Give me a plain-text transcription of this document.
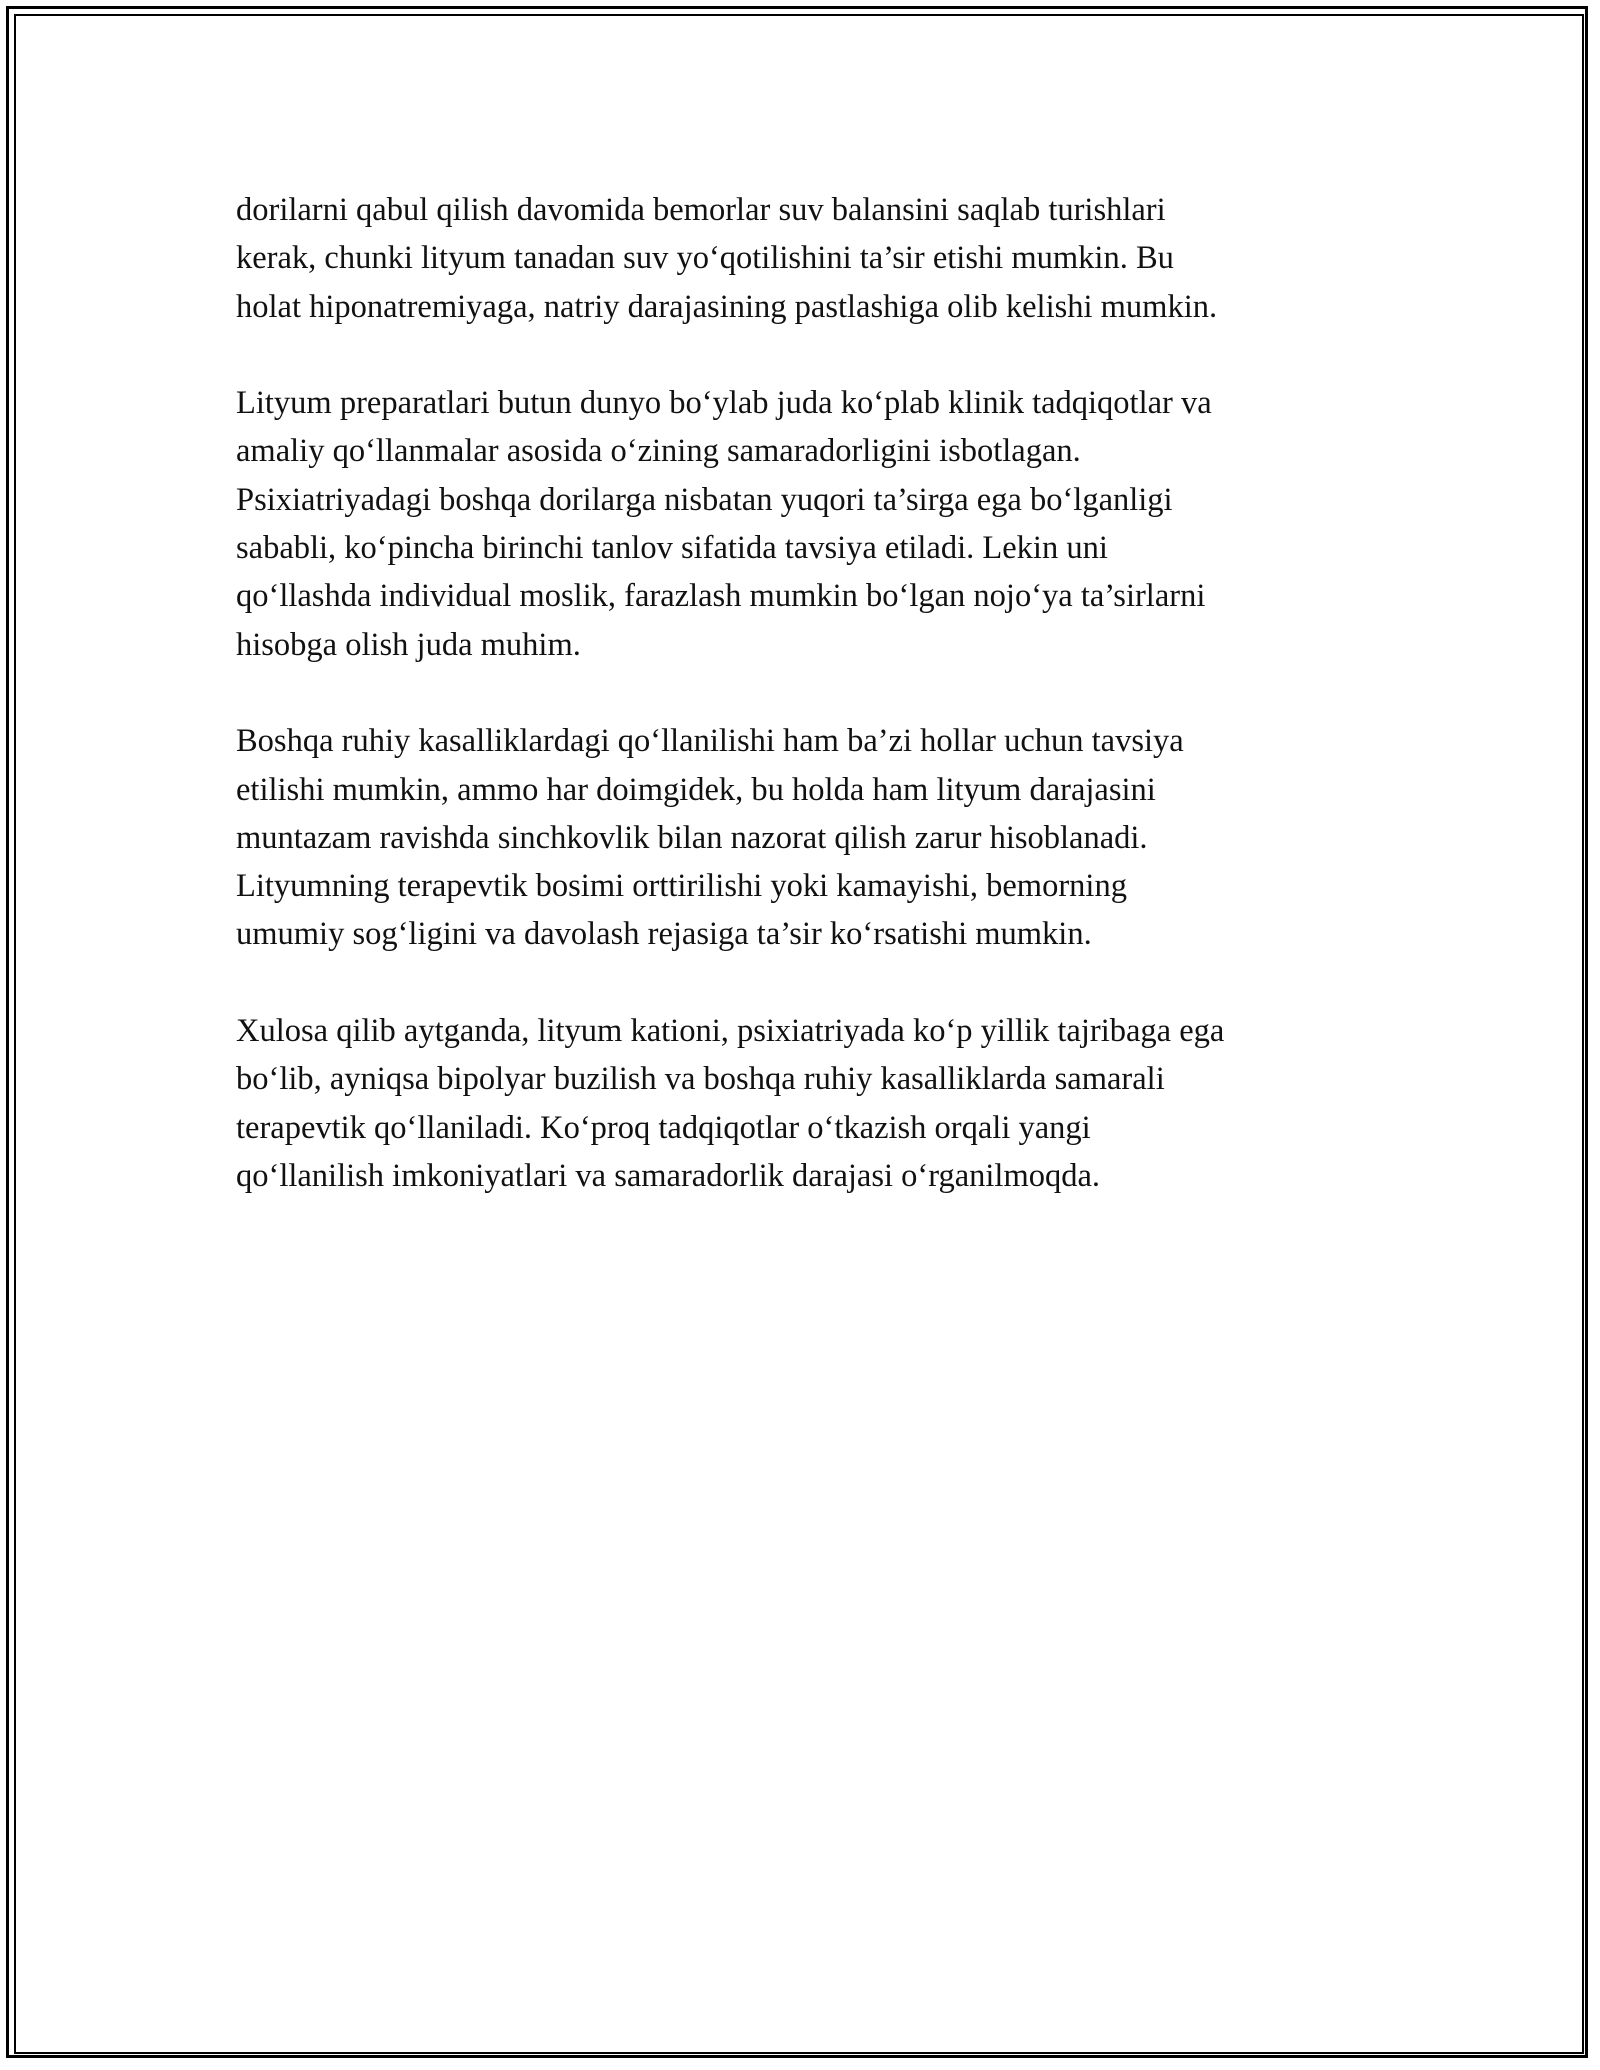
dorilarni qabul qilish davomida bemorlar suv balansini saqlab turishlari
kerak, chunki lityum tanadan suv yo‘qotilishini ta’sir etishi mumkin. Bu
holat hiponatremiyaga, natriy darajasining pastlashiga olib kelishi mumkin.

Lityum preparatlari butun dunyo bo‘ylab juda ko‘plab klinik tadqiqotlar va
amaliy qo‘llanmalar asosida o‘zining samaradorligini isbotlagan.
Psixiatriyadagi boshqa dorilarga nisbatan yuqori ta’sirga ega bo‘lganligi
sababli, ko‘pincha birinchi tanlov sifatida tavsiya etiladi. Lekin uni
qo‘llashda individual moslik, farazlash mumkin bo‘lgan nojo‘ya ta’sirlarni
hisobga olish juda muhim.

Boshqa ruhiy kasalliklardagi qo‘llanilishi ham ba’zi hollar uchun tavsiya
etilishi mumkin, ammo har doimgidek, bu holda ham lityum darajasini
muntazam ravishda sinchkovlik bilan nazorat qilish zarur hisoblanadi.
Lityumning terapevtik bosimi orttirilishi yoki kamayishi, bemorning
umumiy sog‘ligini va davolash rejasiga ta’sir ko‘rsatishi mumkin.

Xulosa qilib aytganda, lityum kationi, psixiatriyada ko‘p yillik tajribaga ega
bo‘lib, ayniqsa bipolyar buzilish va boshqa ruhiy kasalliklarda samarali
terapevtik qo‘llaniladi. Ko‘proq tadqiqotlar o‘tkazish orqali yangi
qo‘llanilish imkoniyatlari va samaradorlik darajasi o‘rganilmoqda.
